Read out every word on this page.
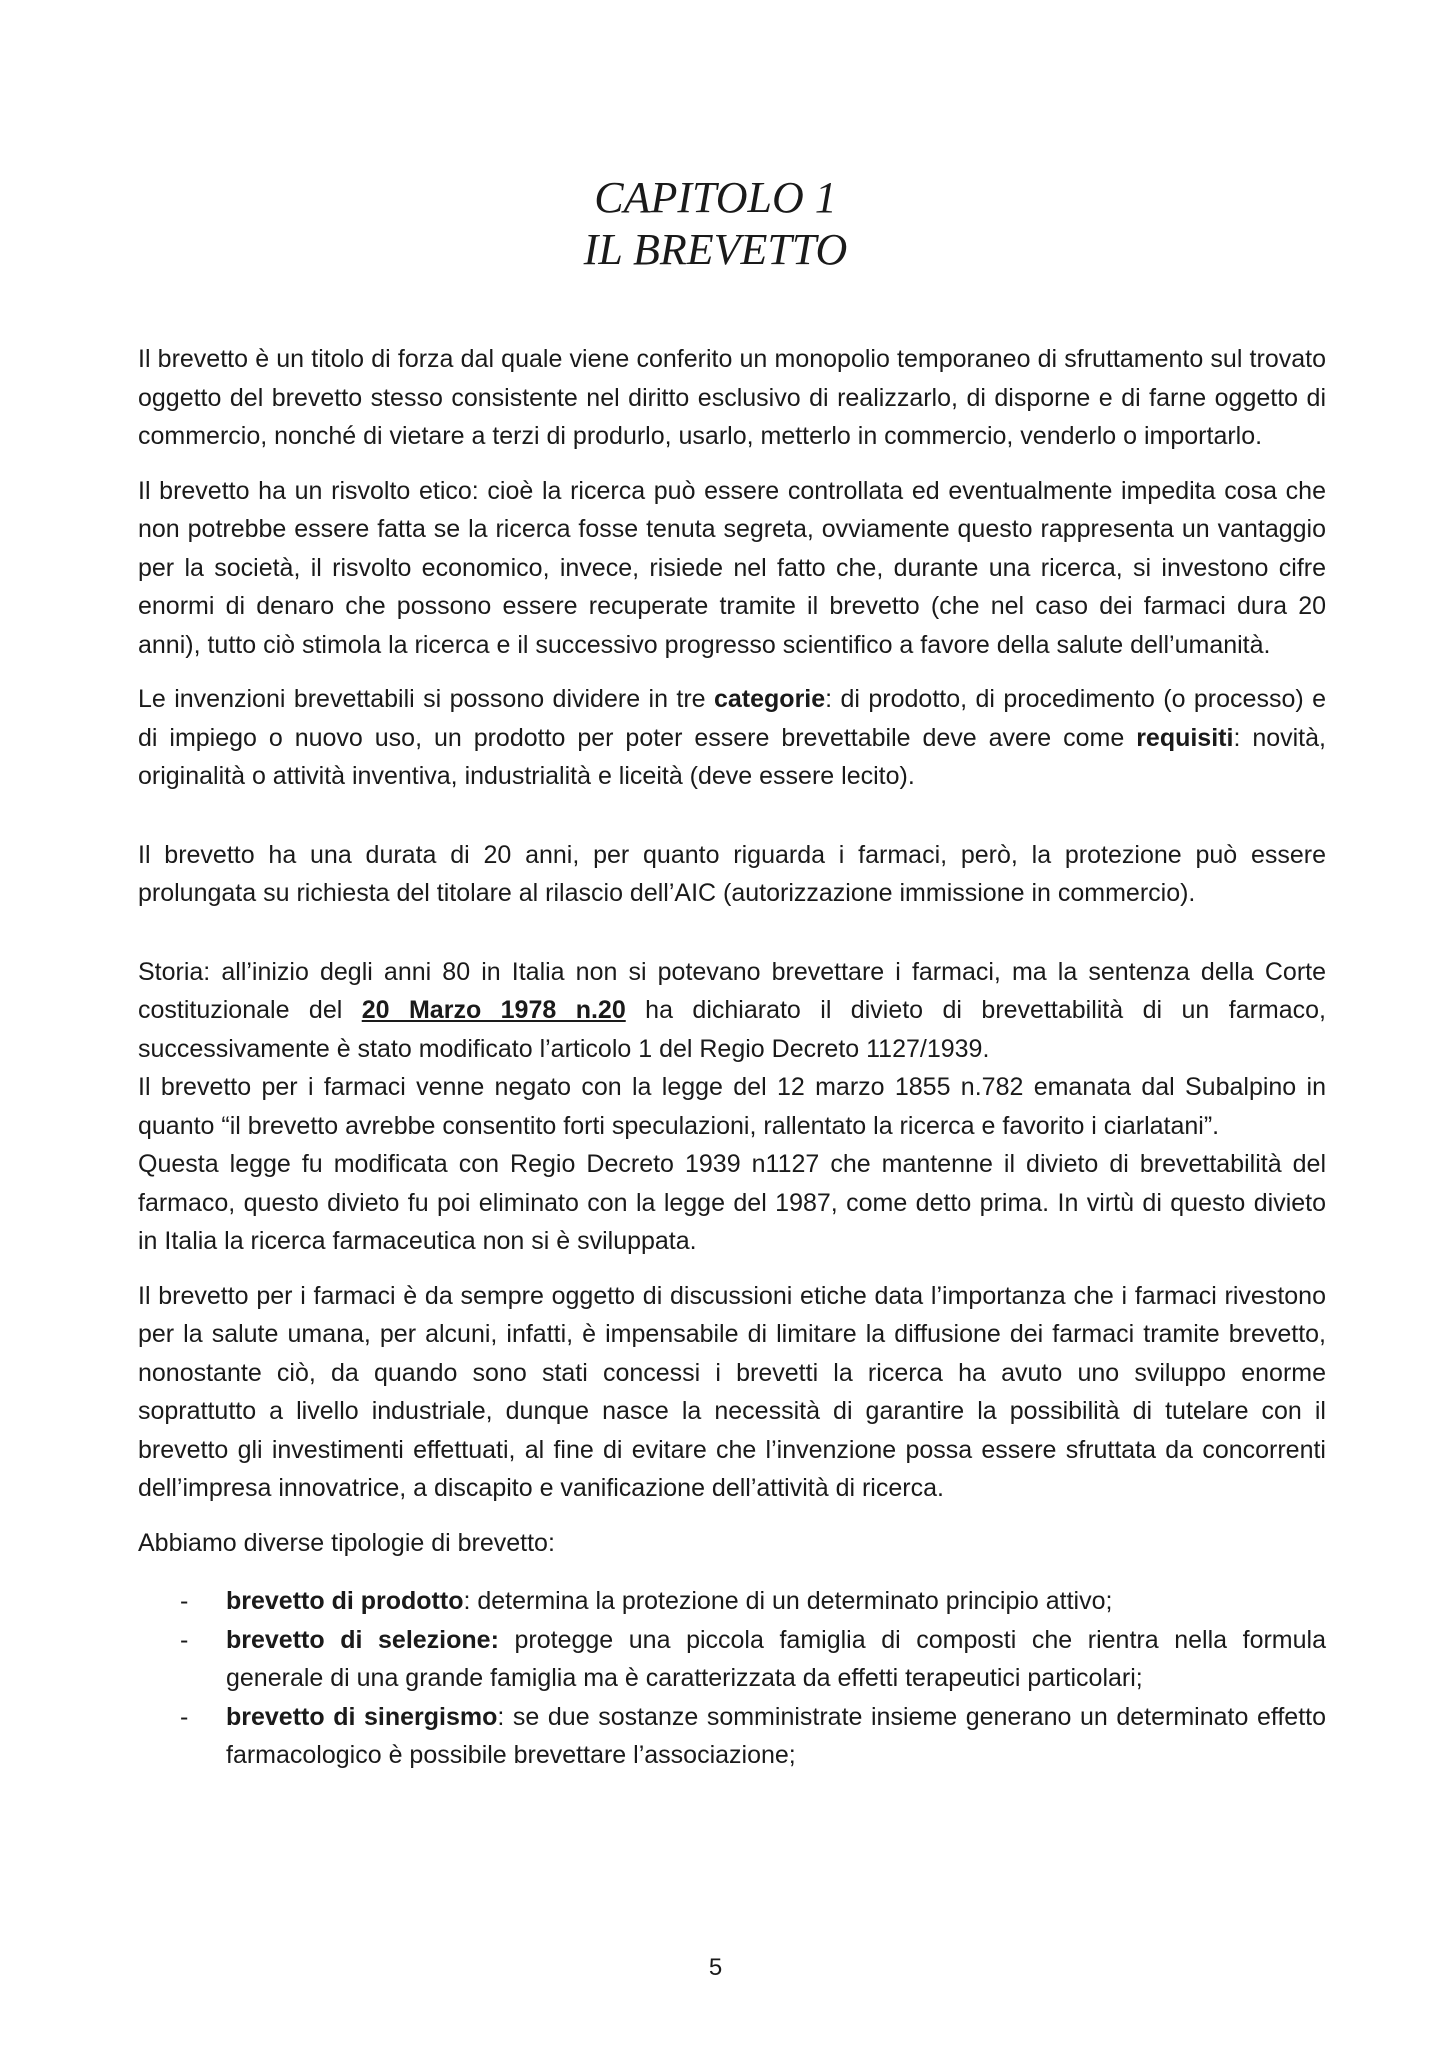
CAPITOLO 1
IL BREVETTO

Il brevetto è un titolo di forza dal quale viene conferito un monopolio temporaneo di sfruttamento sul trovato oggetto del brevetto stesso consistente nel diritto esclusivo di realizzarlo, di disporne e di farne oggetto di commercio, nonché di vietare a terzi di produrlo, usarlo, metterlo in commercio, venderlo o importarlo.

Il brevetto ha un risvolto etico: cioè la ricerca può essere controllata ed eventualmente impedita cosa che non potrebbe essere fatta se la ricerca fosse tenuta segreta, ovviamente questo rappresenta un vantaggio per la società, il risvolto economico, invece, risiede nel fatto che, durante una ricerca, si investono cifre enormi di denaro che possono essere recuperate tramite il brevetto (che nel caso dei farmaci dura 20 anni), tutto ciò stimola la ricerca e il successivo progresso scientifico a favore della salute dell’umanità.

Le invenzioni brevettabili si possono dividere in tre categorie: di prodotto, di procedimento (o processo) e di impiego o nuovo uso, un prodotto per poter essere brevettabile deve avere come requisiti: novità, originalità o attività inventiva, industrialità e liceità (deve essere lecito).

Il brevetto ha una durata di 20 anni, per quanto riguarda i farmaci, però, la protezione può essere prolungata su richiesta del titolare al rilascio dell’AIC (autorizzazione immissione in commercio).

Storia: all’inizio degli anni 80 in Italia non si potevano brevettare i farmaci, ma la sentenza della Corte costituzionale del 20 Marzo 1978 n.20 ha dichiarato il divieto di brevettabilità di un farmaco, successivamente è stato modificato l’articolo 1 del Regio Decreto 1127/1939.

Il brevetto per i farmaci venne negato con la legge del 12 marzo 1855 n.782 emanata dal Subalpino in quanto “il brevetto avrebbe consentito forti speculazioni, rallentato la ricerca e favorito i ciarlatani”.

Questa legge fu modificata con Regio Decreto 1939 n1127 che mantenne il divieto di brevettabilità del farmaco, questo divieto fu poi eliminato con la legge del 1987, come detto prima. In virtù di questo divieto in Italia la ricerca farmaceutica non si è sviluppata.

Il brevetto per i farmaci è da sempre oggetto di discussioni etiche data l’importanza che i farmaci rivestono per la salute umana, per alcuni, infatti, è impensabile di limitare la diffusione dei farmaci tramite brevetto, nonostante ciò, da quando sono stati concessi i brevetti la ricerca ha avuto uno sviluppo enorme soprattutto a livello industriale, dunque nasce la necessità di garantire la possibilità di tutelare con il brevetto gli investimenti effettuati, al fine di evitare che l’invenzione possa essere sfruttata da concorrenti dell’impresa innovatrice, a discapito e vanificazione dell’attività di ricerca.

Abbiamo diverse tipologie di brevetto:

- brevetto di prodotto: determina la protezione di un determinato principio attivo;
- brevetto di selezione: protegge una piccola famiglia di composti che rientra nella formula generale di una grande famiglia ma è caratterizzata da effetti terapeutici particolari;
- brevetto di sinergismo: se due sostanze somministrate insieme generano un determinato effetto farmacologico è possibile brevettare l’associazione;
5
